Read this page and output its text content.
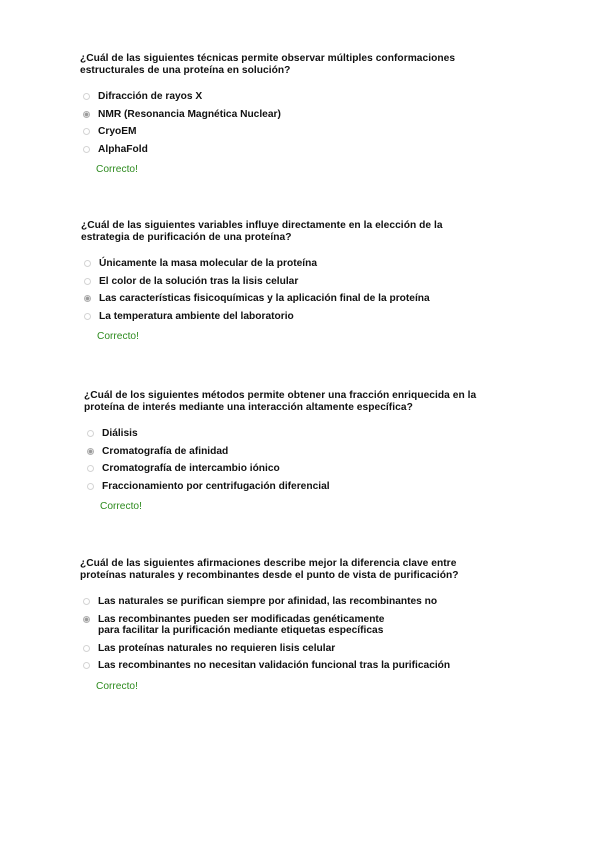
¿Cuál de las siguientes técnicas permite observar múltiples conformaciones estructurales de una proteína en solución?

Difracción de rayos X
NMR (Resonancia Magnética Nuclear)
CryoEM
AlphaFold
Correcto!

¿Cuál de las siguientes variables influye directamente en la elección de la estrategia de purificación de una proteína?

Únicamente la masa molecular de la proteína
El color de la solución tras la lisis celular
Las características fisicoquímicas y la aplicación final de la proteína
La temperatura ambiente del laboratorio
Correcto!

¿Cuál de los siguientes métodos permite obtener una fracción enriquecida en la proteína de interés mediante una interacción altamente específica?

Diálisis
Cromatografía de afinidad
Cromatografía de intercambio iónico
Fraccionamiento por centrifugación diferencial
Correcto!

¿Cuál de las siguientes afirmaciones describe mejor la diferencia clave entre proteínas naturales y recombinantes desde el punto de vista de purificación?

Las naturales se purifican siempre por afinidad, las recombinantes no
Las recombinantes pueden ser modificadas genéticamente
para facilitar la purificación mediante etiquetas específicas
Las proteínas naturales no requieren lisis celular
Las recombinantes no necesitan validación funcional tras la purificación
Correcto!
